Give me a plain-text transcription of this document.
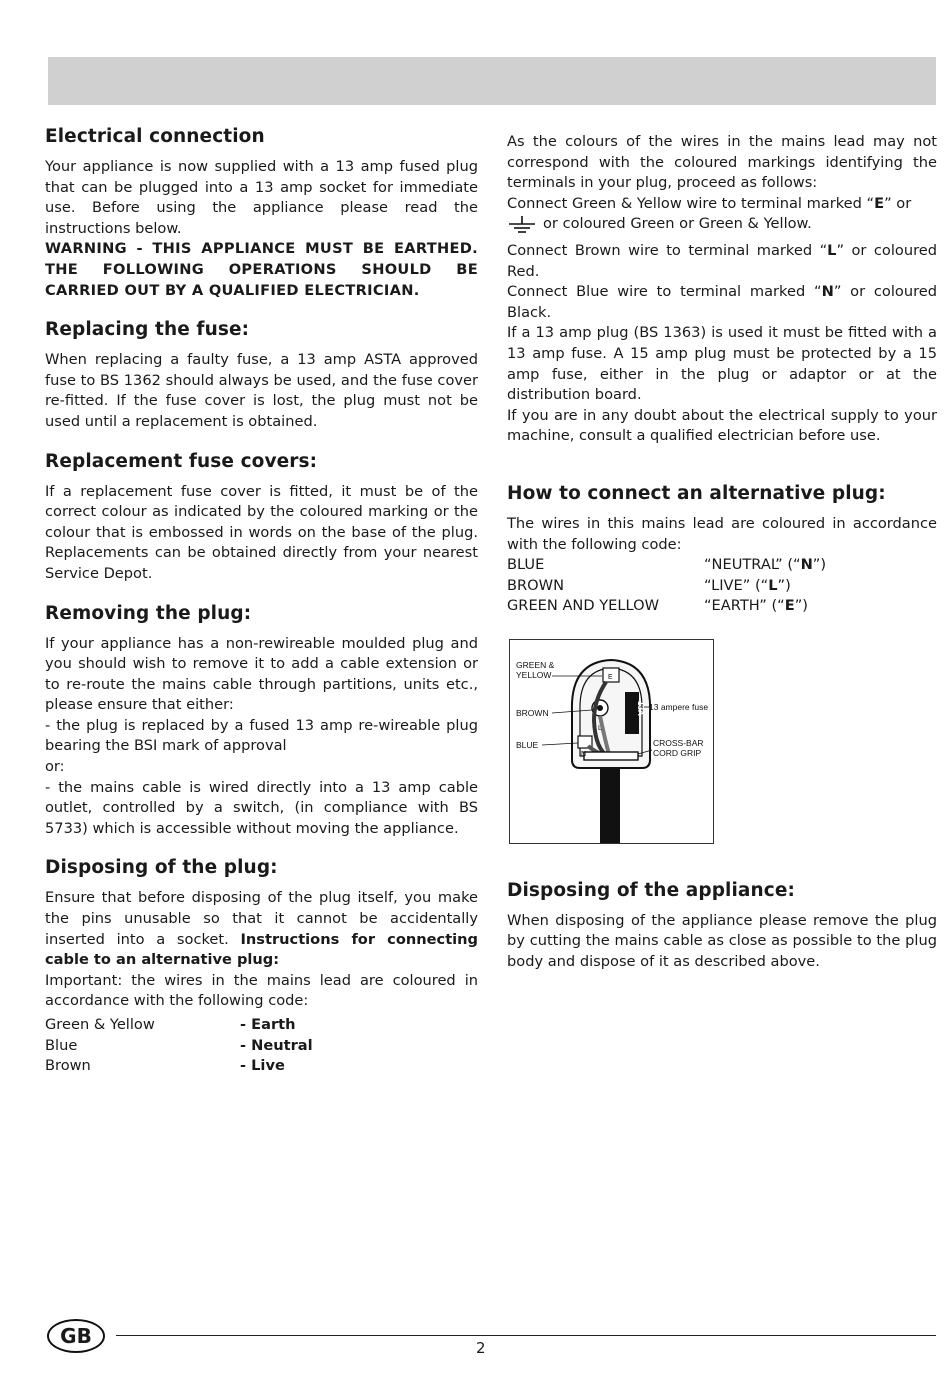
Electrical connection

Your appliance is now supplied with a 13 amp fused plug that can be plugged into a 13 amp socket for immediate use. Before using the appliance please read the instructions below.

WARNING - THIS APPLIANCE MUST BE EARTHED. THE FOLLOWING OPERATIONS SHOULD BE CARRIED OUT BY A QUALIFIED ELECTRICIAN.

Replacing the fuse:

When replacing a faulty fuse, a 13 amp ASTA approved fuse to BS 1362 should always be used, and the fuse cover re-fitted. If the fuse cover is lost, the plug must not be used until a replacement is obtained.

Replacement fuse covers:

If a replacement fuse cover is fitted, it must be of the correct colour as indicated by the coloured marking or the colour that is embossed in words on the base of the plug. Replacements can be obtained directly from your nearest Service Depot.

Removing the plug:

If your appliance has a non-rewireable moulded plug and you should wish to remove it to add a cable extension or to re-route the mains cable through partitions, units etc., please ensure that either:

- the plug is replaced by a fused 13 amp re-wireable plug bearing the BSI mark of approval

or:

- the mains cable is wired directly into a 13 amp cable outlet, controlled by a switch, (in compliance with BS 5733) which is accessible without moving the appliance.

Disposing of the plug:

Ensure that before disposing of the plug itself, you make the pins unusable so that it cannot be accidentally inserted into a socket. Instructions for connecting cable to an alternative plug:

Important: the wires in the mains lead are coloured in accordance with the following code:

Green & Yellow	- Earth
Blue	- Neutral
Brown	- Live

As the colours of the wires in the mains lead may not correspond with the coloured markings identifying the terminals in your plug, proceed as follows:

Connect Green & Yellow wire to terminal marked “E” or

or coloured Green or Green & Yellow.

Connect Brown wire to terminal marked “L” or coloured Red.

Connect Blue wire to terminal marked “N” or coloured Black.

If a 13 amp plug (BS 1363) is used it must be fitted with a 13 amp fuse. A 15 amp plug must be protected by a 15 amp fuse, either in the plug or adaptor or at the distribution board.

If you are in any doubt about the electrical supply to your machine, consult a qualified electrician before use.

How to connect an alternative plug:

The wires in this mains lead are coloured in accordance with the following code:

BLUE	“NEUTRAL” (“N”)
BROWN	“LIVE” (“L”)
GREEN AND YELLOW	“EARTH” (“E”)
GREEN &
YELLOW
BROWN
BLUE
13 ampere fuse
CROSS-BAR
CORD GRIP
13A
E
L
N
Disposing of the appliance:

When disposing of the appliance please remove the plug by cutting the mains cable as close as possible to the plug body and dispose of it as described above.

GB	2
